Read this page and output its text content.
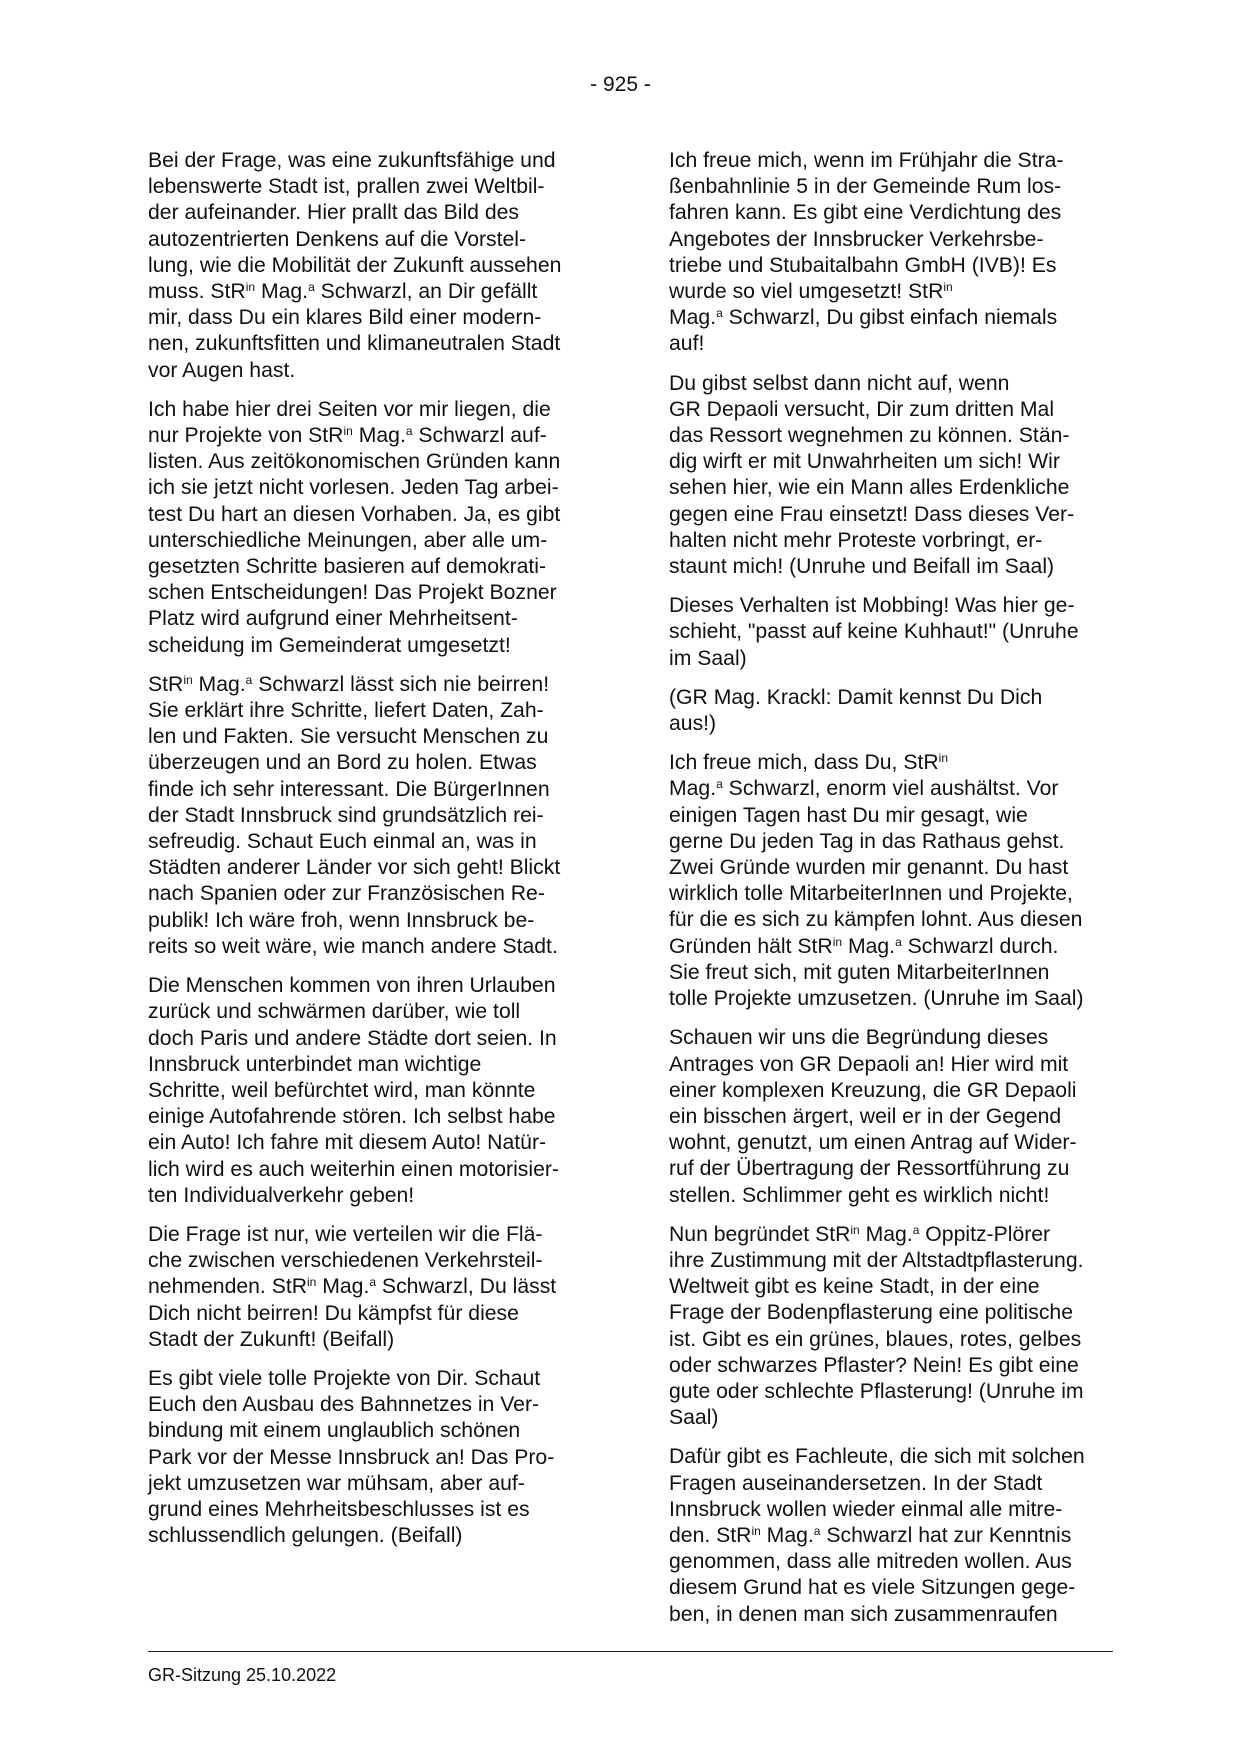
- 925 -

Bei der Frage, was eine zukunftsfähige und
lebenswerte Stadt ist, prallen zwei Weltbil-
der aufeinander. Hier prallt das Bild des
autozentrierten Denkens auf die Vorstel-
lung, wie die Mobilität der Zukunft aussehen
muss. StR$^{in}$ Mag.$^a$ Schwarzl, an Dir gefällt
mir, dass Du ein klares Bild einer modern-
nen, zukunftsfitten und klimaneutralen Stadt
vor Augen hast.

Ich habe hier drei Seiten vor mir liegen, die
nur Projekte von StR$^{in}$ Mag.$^a$ Schwarzl auf-
listen. Aus zeitökonomischen Gründen kann
ich sie jetzt nicht vorlesen. Jeden Tag arbei-
test Du hart an diesen Vorhaben. Ja, es gibt
unterschiedliche Meinungen, aber alle um-
gesetzten Schritte basieren auf demokrati-
schen Entscheidungen! Das Projekt Bozner
Platz wird aufgrund einer Mehrheitsent-
scheidung im Gemeinderat umgesetzt!

StR$^{in}$ Mag.$^a$ Schwarzl lässt sich nie beirren!
Sie erklärt ihre Schritte, liefert Daten, Zah-
len und Fakten. Sie versucht Menschen zu
überzeugen und an Bord zu holen. Etwas
finde ich sehr interessant. Die BürgerInnen
der Stadt Innsbruck sind grundsätzlich rei-
sefreudig. Schaut Euch einmal an, was in
Städten anderer Länder vor sich geht! Blickt
nach Spanien oder zur Französischen Re-
publik! Ich wäre froh, wenn Innsbruck be-
reits so weit wäre, wie manch andere Stadt.

Die Menschen kommen von ihren Urlauben
zurück und schwärmen darüber, wie toll
doch Paris und andere Städte dort seien. In
Innsbruck unterbindet man wichtige
Schritte, weil befürchtet wird, man könnte
einige Autofahrende stören. Ich selbst habe
ein Auto! Ich fahre mit diesem Auto! Natür-
lich wird es auch weiterhin einen motorisier-
ten Individualverkehr geben!

Die Frage ist nur, wie verteilen wir die Flä-
che zwischen verschiedenen Verkehrsteil-
nehmenden. StR$^{in}$ Mag.$^a$ Schwarzl, Du lässt
Dich nicht beirren! Du kämpfst für diese
Stadt der Zukunft! (Beifall)

Es gibt viele tolle Projekte von Dir. Schaut
Euch den Ausbau des Bahnnetzes in Ver-
bindung mit einem unglaublich schönen
Park vor der Messe Innsbruck an! Das Pro-
jekt umzusetzen war mühsam, aber auf-
grund eines Mehrheitsbeschlusses ist es
schlussendlich gelungen. (Beifall)

Ich freue mich, wenn im Frühjahr die Stra-
ßenbahnlinie 5 in der Gemeinde Rum los-
fahren kann. Es gibt eine Verdichtung des
Angebotes der Innsbrucker Verkehrsbe-
triebe und Stubaitalbahn GmbH (IVB)! Es
wurde so viel umgesetzt! StR$^{in}$
Mag.$^a$ Schwarzl, Du gibst einfach niemals
auf!

Du gibst selbst dann nicht auf, wenn
GR Depaoli versucht, Dir zum dritten Mal
das Ressort wegnehmen zu können. Stän-
dig wirft er mit Unwahrheiten um sich! Wir
sehen hier, wie ein Mann alles Erdenkliche
gegen eine Frau einsetzt! Dass dieses Ver-
halten nicht mehr Proteste vorbringt, er-
staunt mich! (Unruhe und Beifall im Saal)

Dieses Verhalten ist Mobbing! Was hier ge-
schieht, "passt auf keine Kuhhaut!" (Unruhe
im Saal)

(GR Mag. Krackl: Damit kennst Du Dich
aus!)

Ich freue mich, dass Du, StR$^{in}$
Mag.$^a$ Schwarzl, enorm viel aushältst. Vor
einigen Tagen hast Du mir gesagt, wie
gerne Du jeden Tag in das Rathaus gehst.
Zwei Gründe wurden mir genannt. Du hast
wirklich tolle MitarbeiterInnen und Projekte,
für die es sich zu kämpfen lohnt. Aus diesen
Gründen hält StR$^{in}$ Mag.$^a$ Schwarzl durch.
Sie freut sich, mit guten MitarbeiterInnen
tolle Projekte umzusetzen. (Unruhe im Saal)

Schauen wir uns die Begründung dieses
Antrages von GR Depaoli an! Hier wird mit
einer komplexen Kreuzung, die GR Depaoli
ein bisschen ärgert, weil er in der Gegend
wohnt, genutzt, um einen Antrag auf Wider-
ruf der Übertragung der Ressortführung zu
stellen. Schlimmer geht es wirklich nicht!

Nun begründet StR$^{in}$ Mag.$^a$ Oppitz-Plörer
ihre Zustimmung mit der Altstadtpflasterung.
Weltweit gibt es keine Stadt, in der eine
Frage der Bodenpflasterung eine politische
ist. Gibt es ein grünes, blaues, rotes, gelbes
oder schwarzes Pflaster? Nein! Es gibt eine
gute oder schlechte Pflasterung! (Unruhe im
Saal)

Dafür gibt es Fachleute, die sich mit solchen
Fragen auseinandersetzen. In der Stadt
Innsbruck wollen wieder einmal alle mitre-
den. StR$^{in}$ Mag.$^a$ Schwarzl hat zur Kenntnis
genommen, dass alle mitreden wollen. Aus
diesem Grund hat es viele Sitzungen gege-
ben, in denen man sich zusammenraufen

GR-Sitzung 25.10.2022
